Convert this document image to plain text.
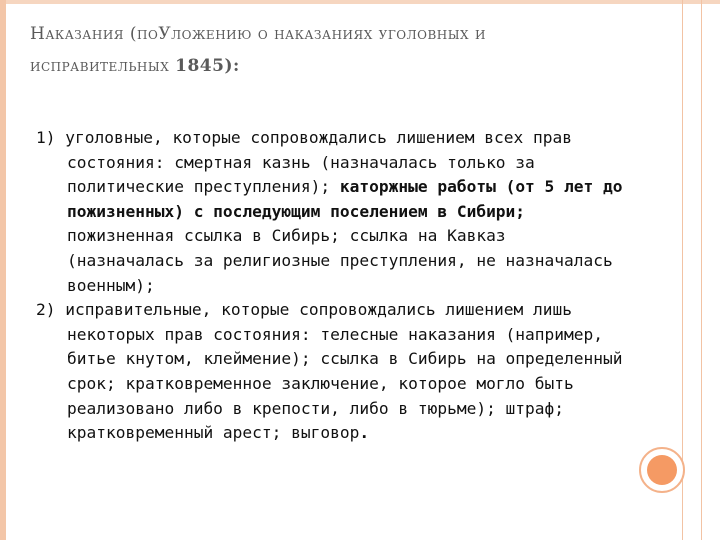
Наказания (поУложению о наказаниях уголовных и исправительных 1845):

1) уголовные, которые сопровождались лишением всех прав состояния: смертная казнь (назначалась только за политические преступления); каторжные работы (от 5 лет до пожизненных) с последующим поселением в Сибири; пожизненная ссылка в Сибирь; ссылка на Кавказ (назначалась за религиозные преступления, не назначалась военным);

2) исправительные, которые сопровождались лишением лишь некоторых прав состояния: телесные наказания (например, битье кнутом, клеймение); ссылка в Сибирь на определенный срок; кратковременное заключение, которое могло быть реализовано либо в крепости, либо в тюрьме); штраф; кратковременный арест; выговор.
